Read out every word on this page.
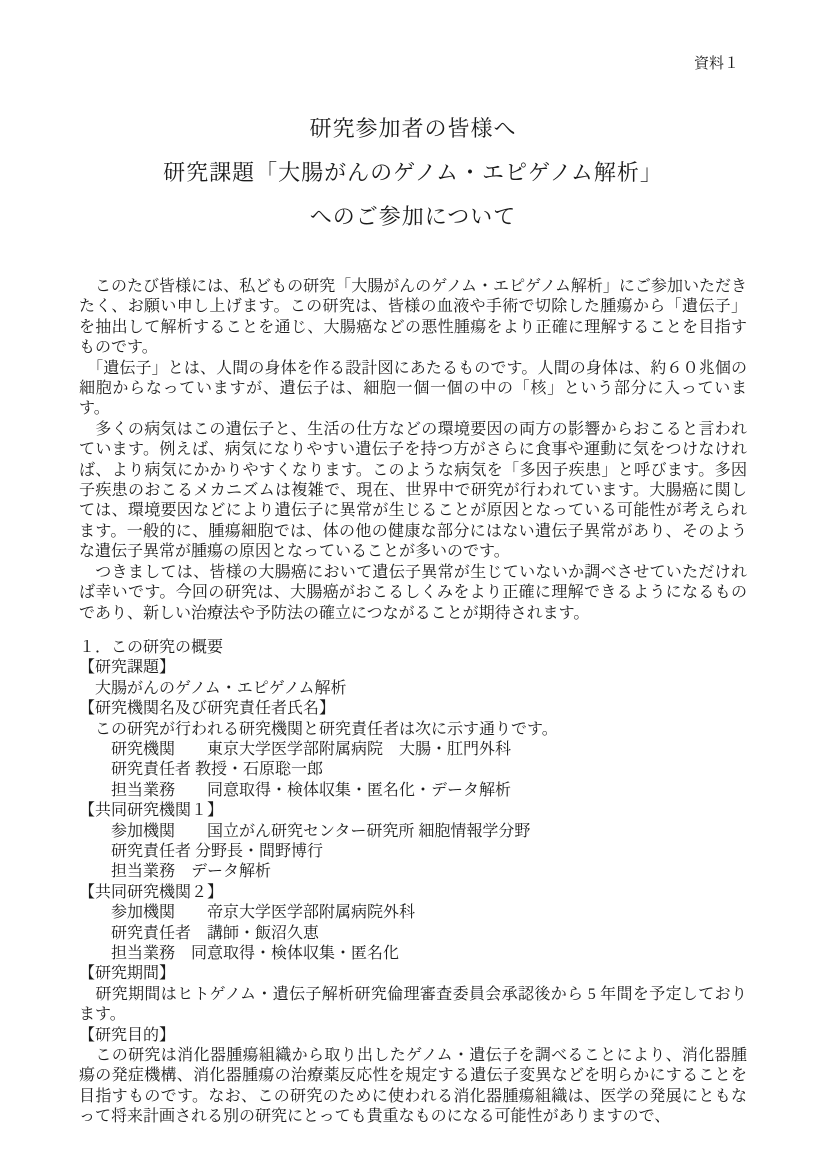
資料１
研究参加者の皆様へ
研究課題「大腸がんのゲノム・エピゲノム解析」
へのご参加について

　このたび皆様には、私どもの研究「大腸がんのゲノム・エピゲノム解析」にご参加いただきたく、お願い申し上げます。この研究は、皆様の血液や手術で切除した腫瘍から「遺伝子」を抽出して解析することを通じ、大腸癌などの悪性腫瘍をより正確に理解することを目指すものです。

　「遺伝子」とは、人間の身体を作る設計図にあたるものです。人間の身体は、約６０兆個の細胞からなっていますが、遺伝子は、細胞一個一個の中の「核」という部分に入っています。

　多くの病気はこの遺伝子と、生活の仕方などの環境要因の両方の影響からおこると言われています。例えば、病気になりやすい遺伝子を持つ方がさらに食事や運動に気をつけなければ、より病気にかかりやすくなります。このような病気を「多因子疾患」と呼びます。多因子疾患のおこるメカニズムは複雑で、現在、世界中で研究が行われています。大腸癌に関しては、環境要因などにより遺伝子に異常が生じることが原因となっている可能性が考えられます。一般的に、腫瘍細胞では、体の他の健康な部分にはない遺伝子異常があり、そのような遺伝子異常が腫瘍の原因となっていることが多いのです。

　つきましては、皆様の大腸癌において遺伝子異常が生じていないか調べさせていただければ幸いです。今回の研究は、大腸癌がおこるしくみをより正確に理解できるようになるものであり、新しい治療法や予防法の確立につながることが期待されます。

１．この研究の概要
【研究課題】
　大腸がんのゲノム・エピゲノム解析
【研究機関名及び研究責任者氏名】
　この研究が行われる研究機関と研究責任者は次に示す通りです。
　　研究機関　　東京大学医学部附属病院　大腸・肛門外科
　　研究責任者 教授・石原聡一郎
　　担当業務　　同意取得・検体収集・匿名化・データ解析
【共同研究機関１】
　　参加機関　　国立がん研究センター研究所 細胞情報学分野
　　研究責任者 分野長・間野博行
　　担当業務　データ解析
【共同研究機関２】
　　参加機関　　帝京大学医学部附属病院外科
　　研究責任者　講師・飯沼久恵
　　担当業務　同意取得・検体収集・匿名化
【研究期間】
　研究期間はヒトゲノム・遺伝子解析研究倫理審査委員会承認後から 5 年間を予定しております。
【研究目的】
　この研究は消化器腫瘍組織から取り出したゲノム・遺伝子を調べることにより、消化器腫瘍の発症機構、消化器腫瘍の治療薬反応性を規定する遺伝子変異などを明らかにすることを目指すものです。なお、この研究のために使われる消化器腫瘍組織は、医学の発展にともなって将来計画される別の研究にとっても貴重なものになる可能性がありますので、
